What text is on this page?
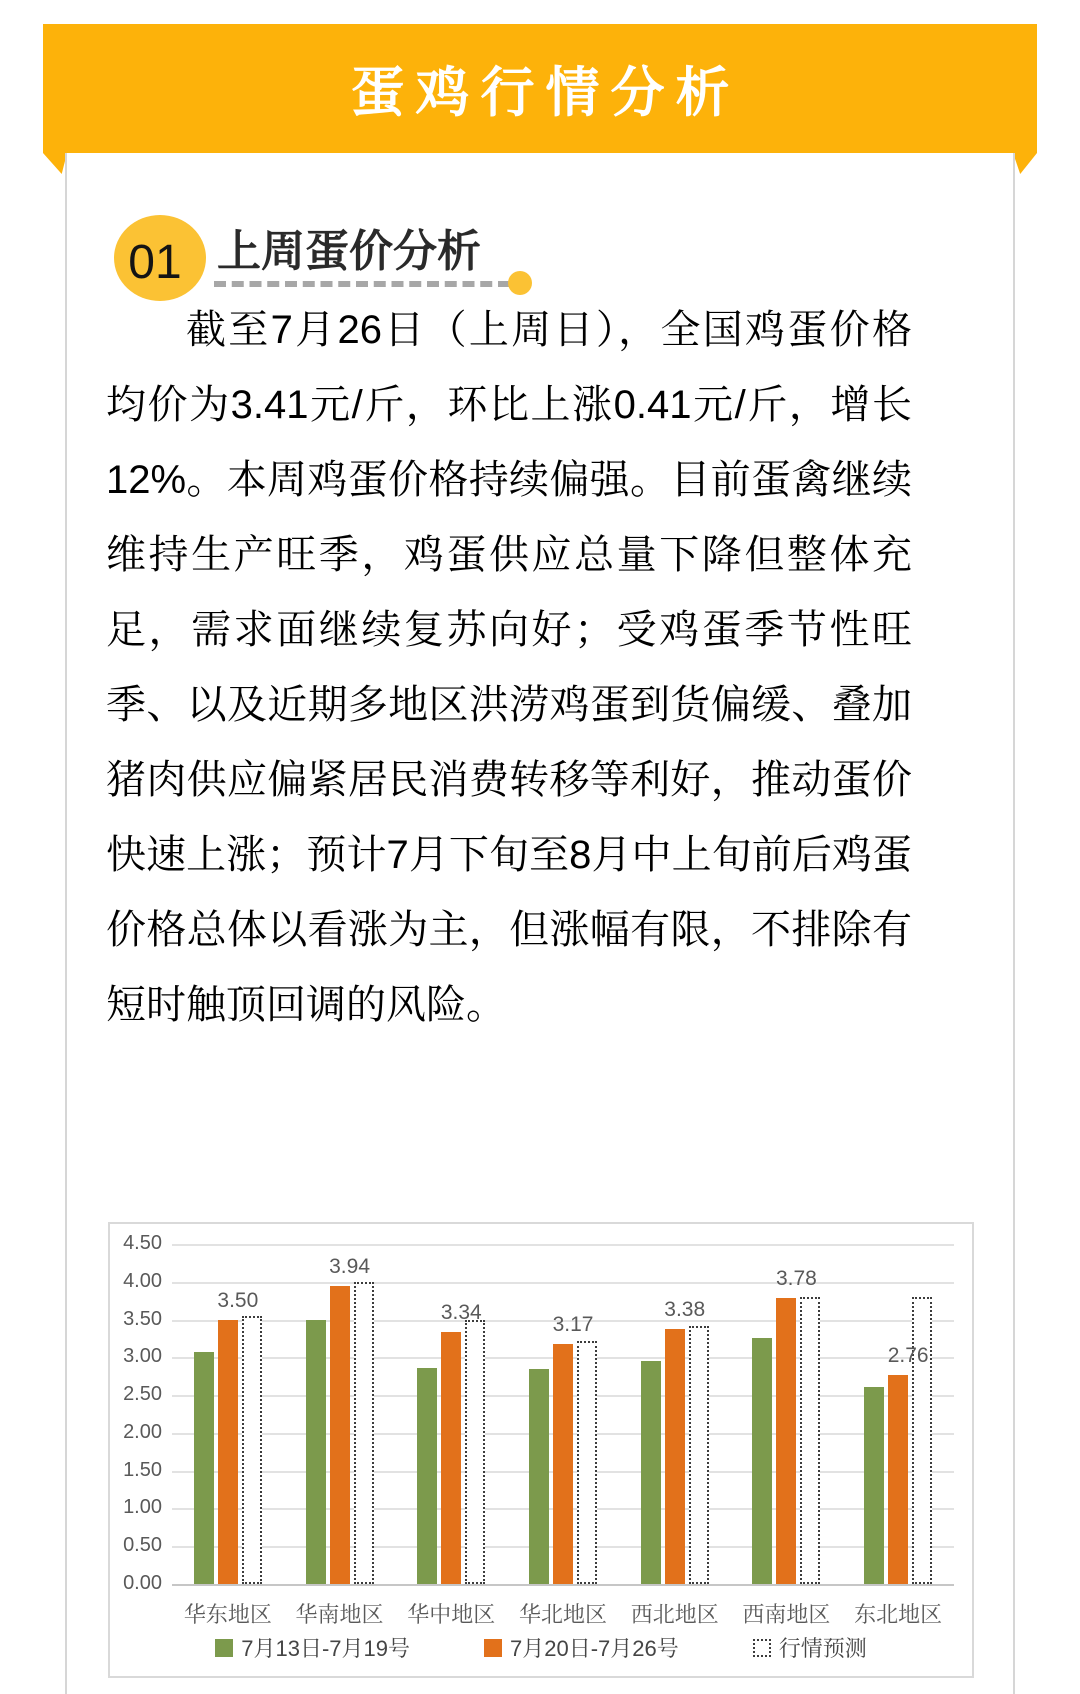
蛋鸡行情分析
01 上周蛋价分析

截至7月26日（上周日），全国鸡蛋价格均价为3.41元/斤，环比上涨0.41元/斤，增长12%。本周鸡蛋价格持续偏强。目前蛋禽继续维持生产旺季，鸡蛋供应总量下降但整体充足，需求面继续复苏向好；受鸡蛋季节性旺季、以及近期多地区洪涝鸡蛋到货偏缓、叠加猪肉供应偏紧居民消费转移等利好，推动蛋价快速上涨；预计7月下旬至8月中上旬前后鸡蛋价格总体以看涨为主，但涨幅有限，不排除有短时触顶回调的风险。

0.00
0.50
1.00
1.50
2.00
2.50
3.00
3.50
4.00
4.50
3.50
华东地区
3.94
华南地区
3.34
华中地区
3.17
华北地区
3.38
西北地区
3.78
西南地区
2.76
东北地区
7月13日-7月19号	7月20日-7月26号	行情预测
